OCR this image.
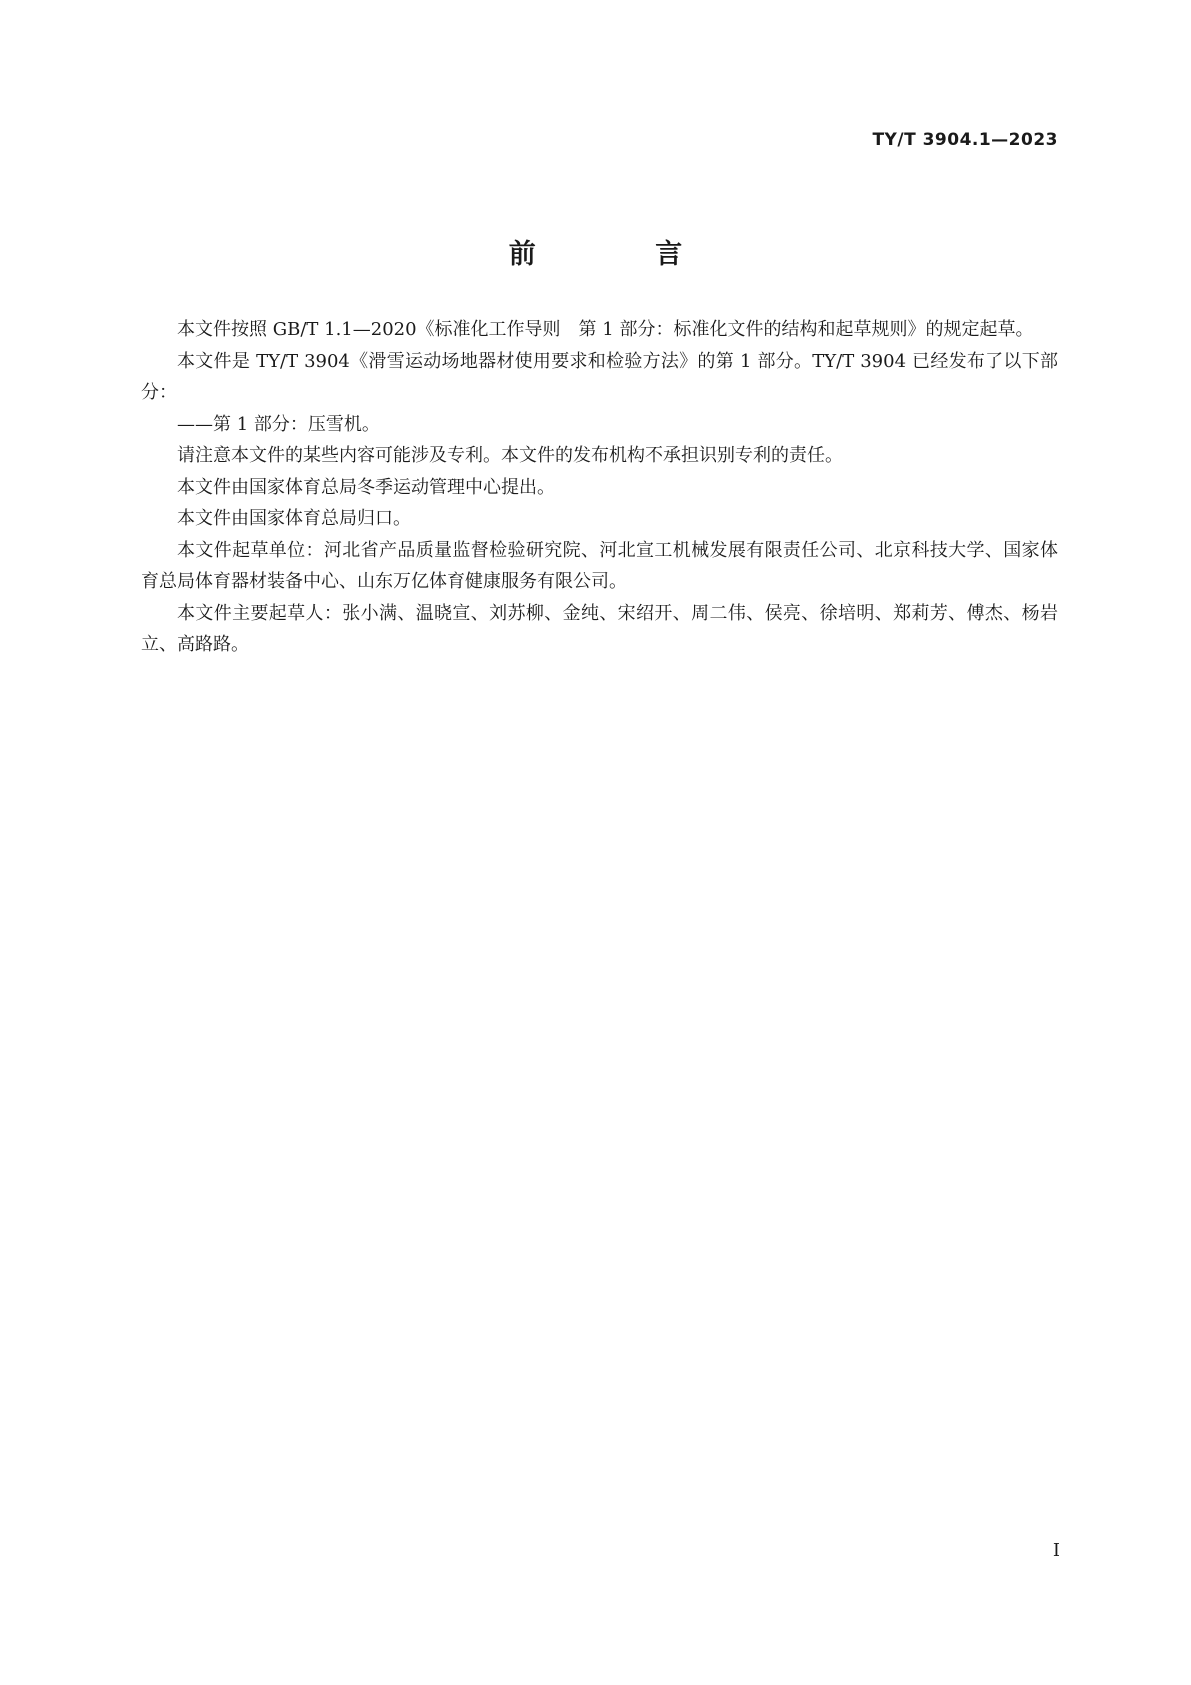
TY/T 3904.1—2023
前 言

本文件按照 GB/T 1.1—2020《标准化工作导则　第 1 部分：标准化文件的结构和起草规则》的规定起草。

本文件是 TY/T 3904《滑雪运动场地器材使用要求和检验方法》的第 1 部分。TY/T 3904 已经发布了以下部分：

——第 1 部分：压雪机。

请注意本文件的某些内容可能涉及专利。本文件的发布机构不承担识别专利的责任。

本文件由国家体育总局冬季运动管理中心提出。

本文件由国家体育总局归口。

本文件起草单位：河北省产品质量监督检验研究院、河北宣工机械发展有限责任公司、北京科技大学、国家体育总局体育器材装备中心、山东万亿体育健康服务有限公司。

本文件主要起草人：张小满、温晓宣、刘苏柳、金纯、宋绍开、周二伟、侯亮、徐培明、郑莉芳、傅杰、杨岩立、高路路。

I
